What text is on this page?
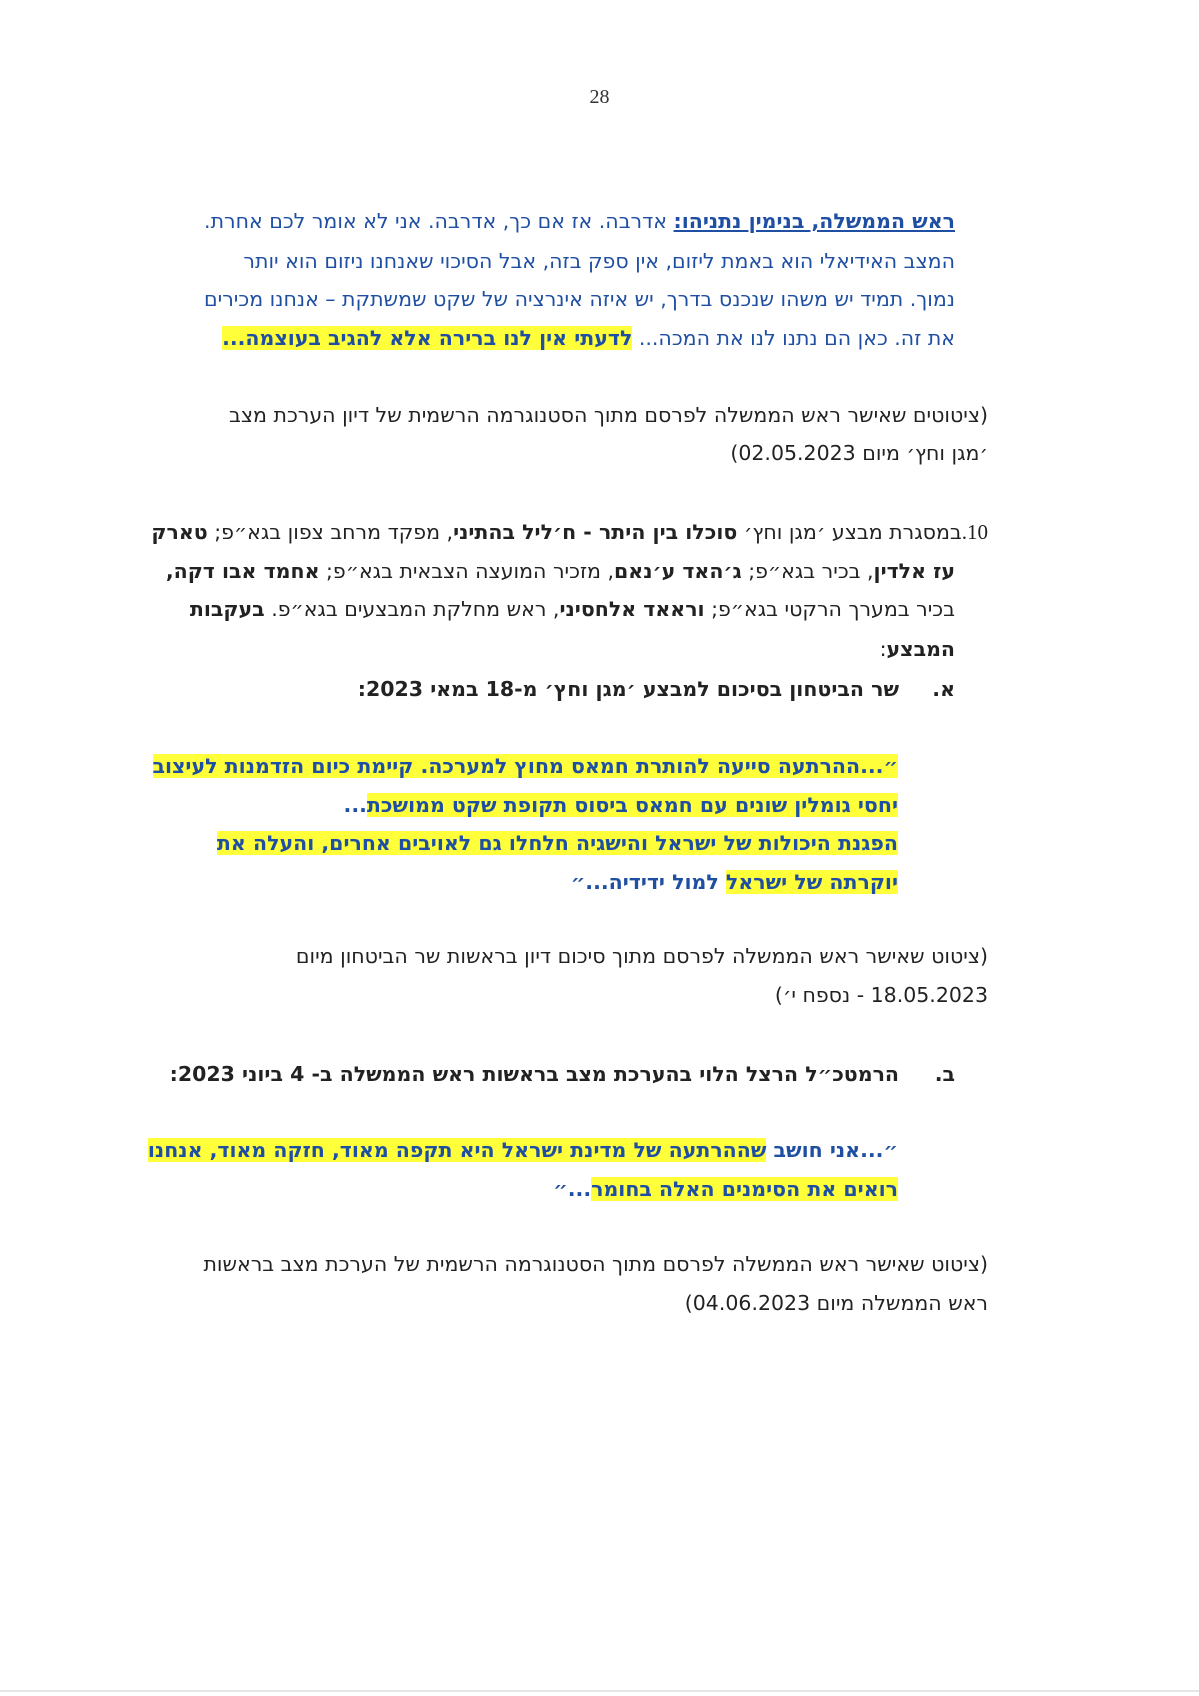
28
ראש הממשלה, בנימין נתניהו: אדרבה. אז אם כך, אדרבה. אני לא אומר לכם אחרת.
המצב האידיאלי הוא באמת ליזום, אין ספק בזה, אבל הסיכוי שאנחנו ניזום הוא יותר
נמוך. תמיד יש משהו שנכנס בדרך, יש איזה אינרציה של שקט שמשתקת – אנחנו מכירים
את זה. כאן הם נתנו לנו את המכה... לדעתי אין לנו ברירה אלא להגיב בעוצמה...
(ציטוטים שאישר ראש הממשלה לפרסם מתוך הסטנוגרמה הרשמית של דיון הערכת מצב
׳מגן וחץ׳ מיום 02.05.2023)
10.במסגרת מבצע ׳מגן וחץ׳ סוכלו בין היתר - ח׳ליל בהתיני, מפקד מרחב צפון בגא״פ; טארק
עז אלדין, בכיר בגא״פ; ג׳האד ע׳נאם, מזכיר המועצה הצבאית בגא״פ; אחמד אבו דקה,
בכיר במערך הרקטי בגא״פ; וראאד אלחסיני, ראש מחלקת המבצעים בגא״פ. בעקבות
המבצע:
א.
שר הביטחון בסיכום למבצע ׳מגן וחץ׳ מ-18 במאי 2023:
״...ההרתעה סייעה להותרת חמאס מחוץ למערכה. קיימת כיום הזדמנות לעיצוב
יחסי גומלין שונים עם חמאס ביסוס תקופת שקט ממושכת...
הפגנת היכולות של ישראל והישגיה חלחלו גם לאויבים אחרים, והעלה את
יוקרתה של ישראל למול ידידיה...״
(ציטוט שאישר ראש הממשלה לפרסם מתוך סיכום דיון בראשות שר הביטחון מיום
18.05.2023 - נספח י׳)
ב.
הרמטכ״ל הרצל הלוי בהערכת מצב בראשות ראש הממשלה ב- 4 ביוני 2023:
״...אני חושב שההרתעה של מדינת ישראל היא תקפה מאוד, חזקה מאוד, אנחנו
רואים את הסימנים האלה בחומר...״
(ציטוט שאישר ראש הממשלה לפרסם מתוך הסטנוגרמה הרשמית של הערכת מצב בראשות
ראש הממשלה מיום 04.06.2023)
